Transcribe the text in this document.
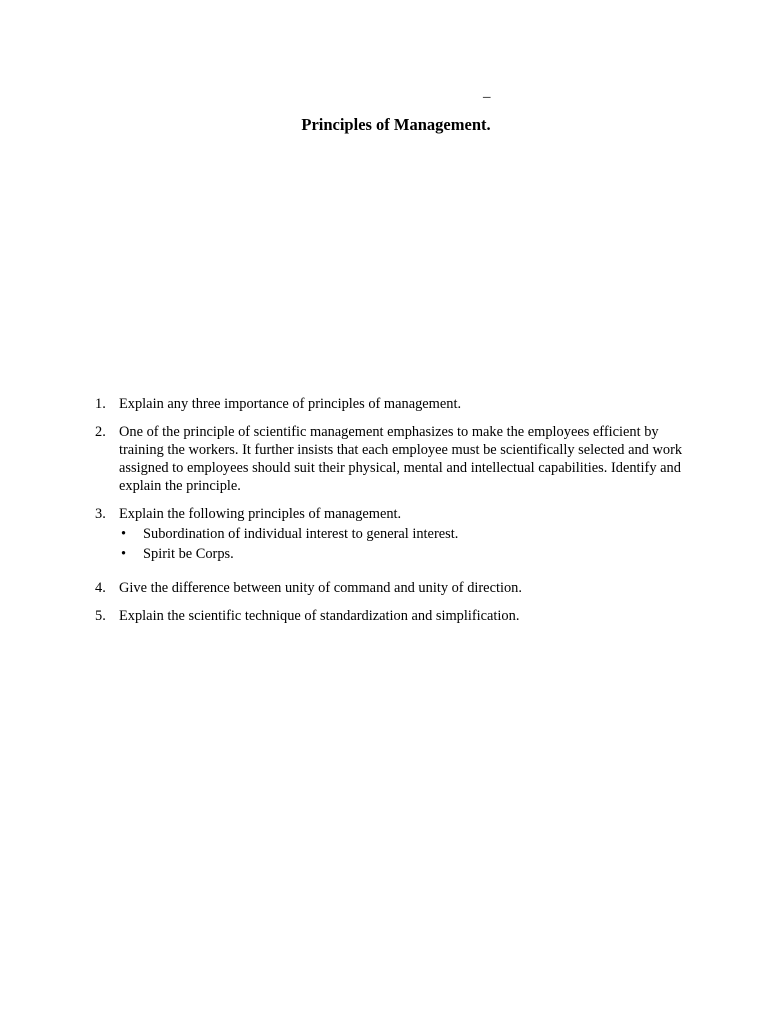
–
Principles of Management.
1. Explain any three importance of principles of management.
2. One of the principle of scientific management emphasizes to make the employees efficient by training the workers. It further insists that each employee must be scientifically selected and work assigned to employees should suit their physical, mental and intellectual capabilities. Identify and explain the principle.
3. Explain the following principles of management.
• Subordination of individual interest to general interest.
• Spirit be Corps.
4. Give the difference between unity of command and unity of direction.
5. Explain the scientific technique of standardization and simplification.
